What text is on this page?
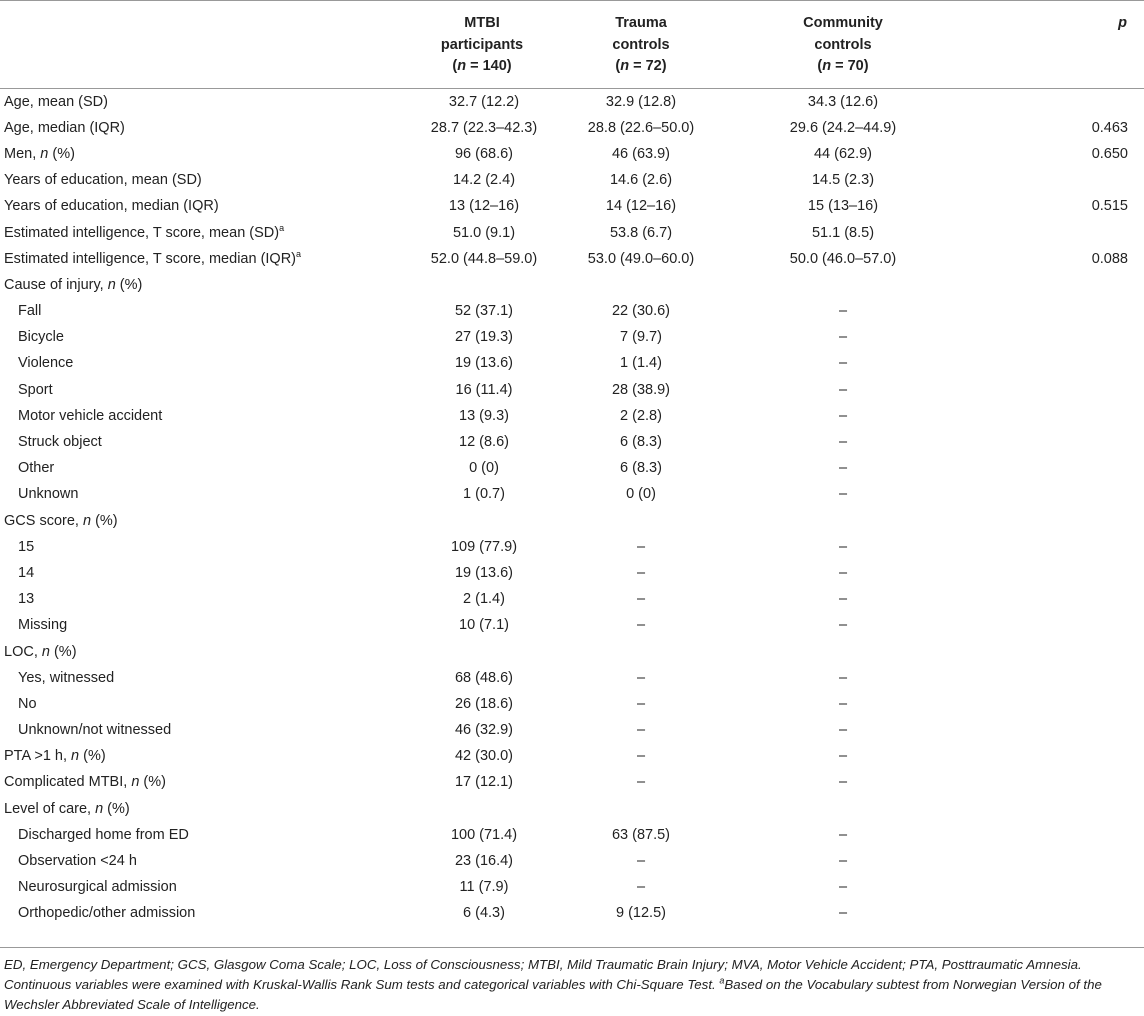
	MTBI
participants
(n = 140)	Trauma
controls
(n = 72)	Community
controls
(n = 70)	p
Age, mean (SD)	32.7 (12.2)	32.9 (12.8)	34.3 (12.6)	
Age, median (IQR)	28.7 (22.3–42.3)	28.8 (22.6–50.0)	29.6 (24.2–44.9)	0.463
Men, n (%)	96 (68.6)	46 (63.9)	44 (62.9)	0.650
Years of education, mean (SD)	14.2 (2.4)	14.6 (2.6)	14.5 (2.3)	
Years of education, median (IQR)	13 (12–16)	14 (12–16)	15 (13–16)	0.515
Estimated intelligence, T score, mean (SD)$^a$	51.0 (9.1)	53.8 (6.7)	51.1 (8.5)	
Estimated intelligence, T score, median (IQR)$^a$	52.0 (44.8–59.0)	53.0 (49.0–60.0)	50.0 (46.0–57.0)	0.088
Cause of injury, n (%)				
Fall	52 (37.1)	22 (30.6)	–	
Bicycle	27 (19.3)	7 (9.7)	–	
Violence	19 (13.6)	1 (1.4)	–	
Sport	16 (11.4)	28 (38.9)	–	
Motor vehicle accident	13 (9.3)	2 (2.8)	–	
Struck object	12 (8.6)	6 (8.3)	–	
Other	0 (0)	6 (8.3)	–	
Unknown	1 (0.7)	0 (0)	–	
GCS score, n (%)				
15	109 (77.9)	–	–	
14	19 (13.6)	–	–	
13	2 (1.4)	–	–	
Missing	10 (7.1)	–	–	
LOC, n (%)				
Yes, witnessed	68 (48.6)	–	–	
No	26 (18.6)	–	–	
Unknown/not witnessed	46 (32.9)	–	–	
PTA >1 h, n (%)	42 (30.0)	–	–	
Complicated MTBI, n (%)	17 (12.1)	–	–	
Level of care, n (%)				
Discharged home from ED	100 (71.4)	63 (87.5)	–	
Observation <24 h	23 (16.4)	–	–	
Neurosurgical admission	11 (7.9)	–	–	
Orthopedic/other admission	6 (4.3)	9 (12.5)	–	
ED, Emergency Department; GCS, Glasgow Coma Scale; LOC, Loss of Consciousness; MTBI, Mild Traumatic Brain Injury; MVA, Motor Vehicle Accident; PTA, Posttraumatic Amnesia. Continuous variables were examined with Kruskal-Wallis Rank Sum tests and categorical variables with Chi-Square Test. $^a$Based on the Vocabulary subtest from Norwegian Version of the Wechsler Abbreviated Scale of Intelligence.
